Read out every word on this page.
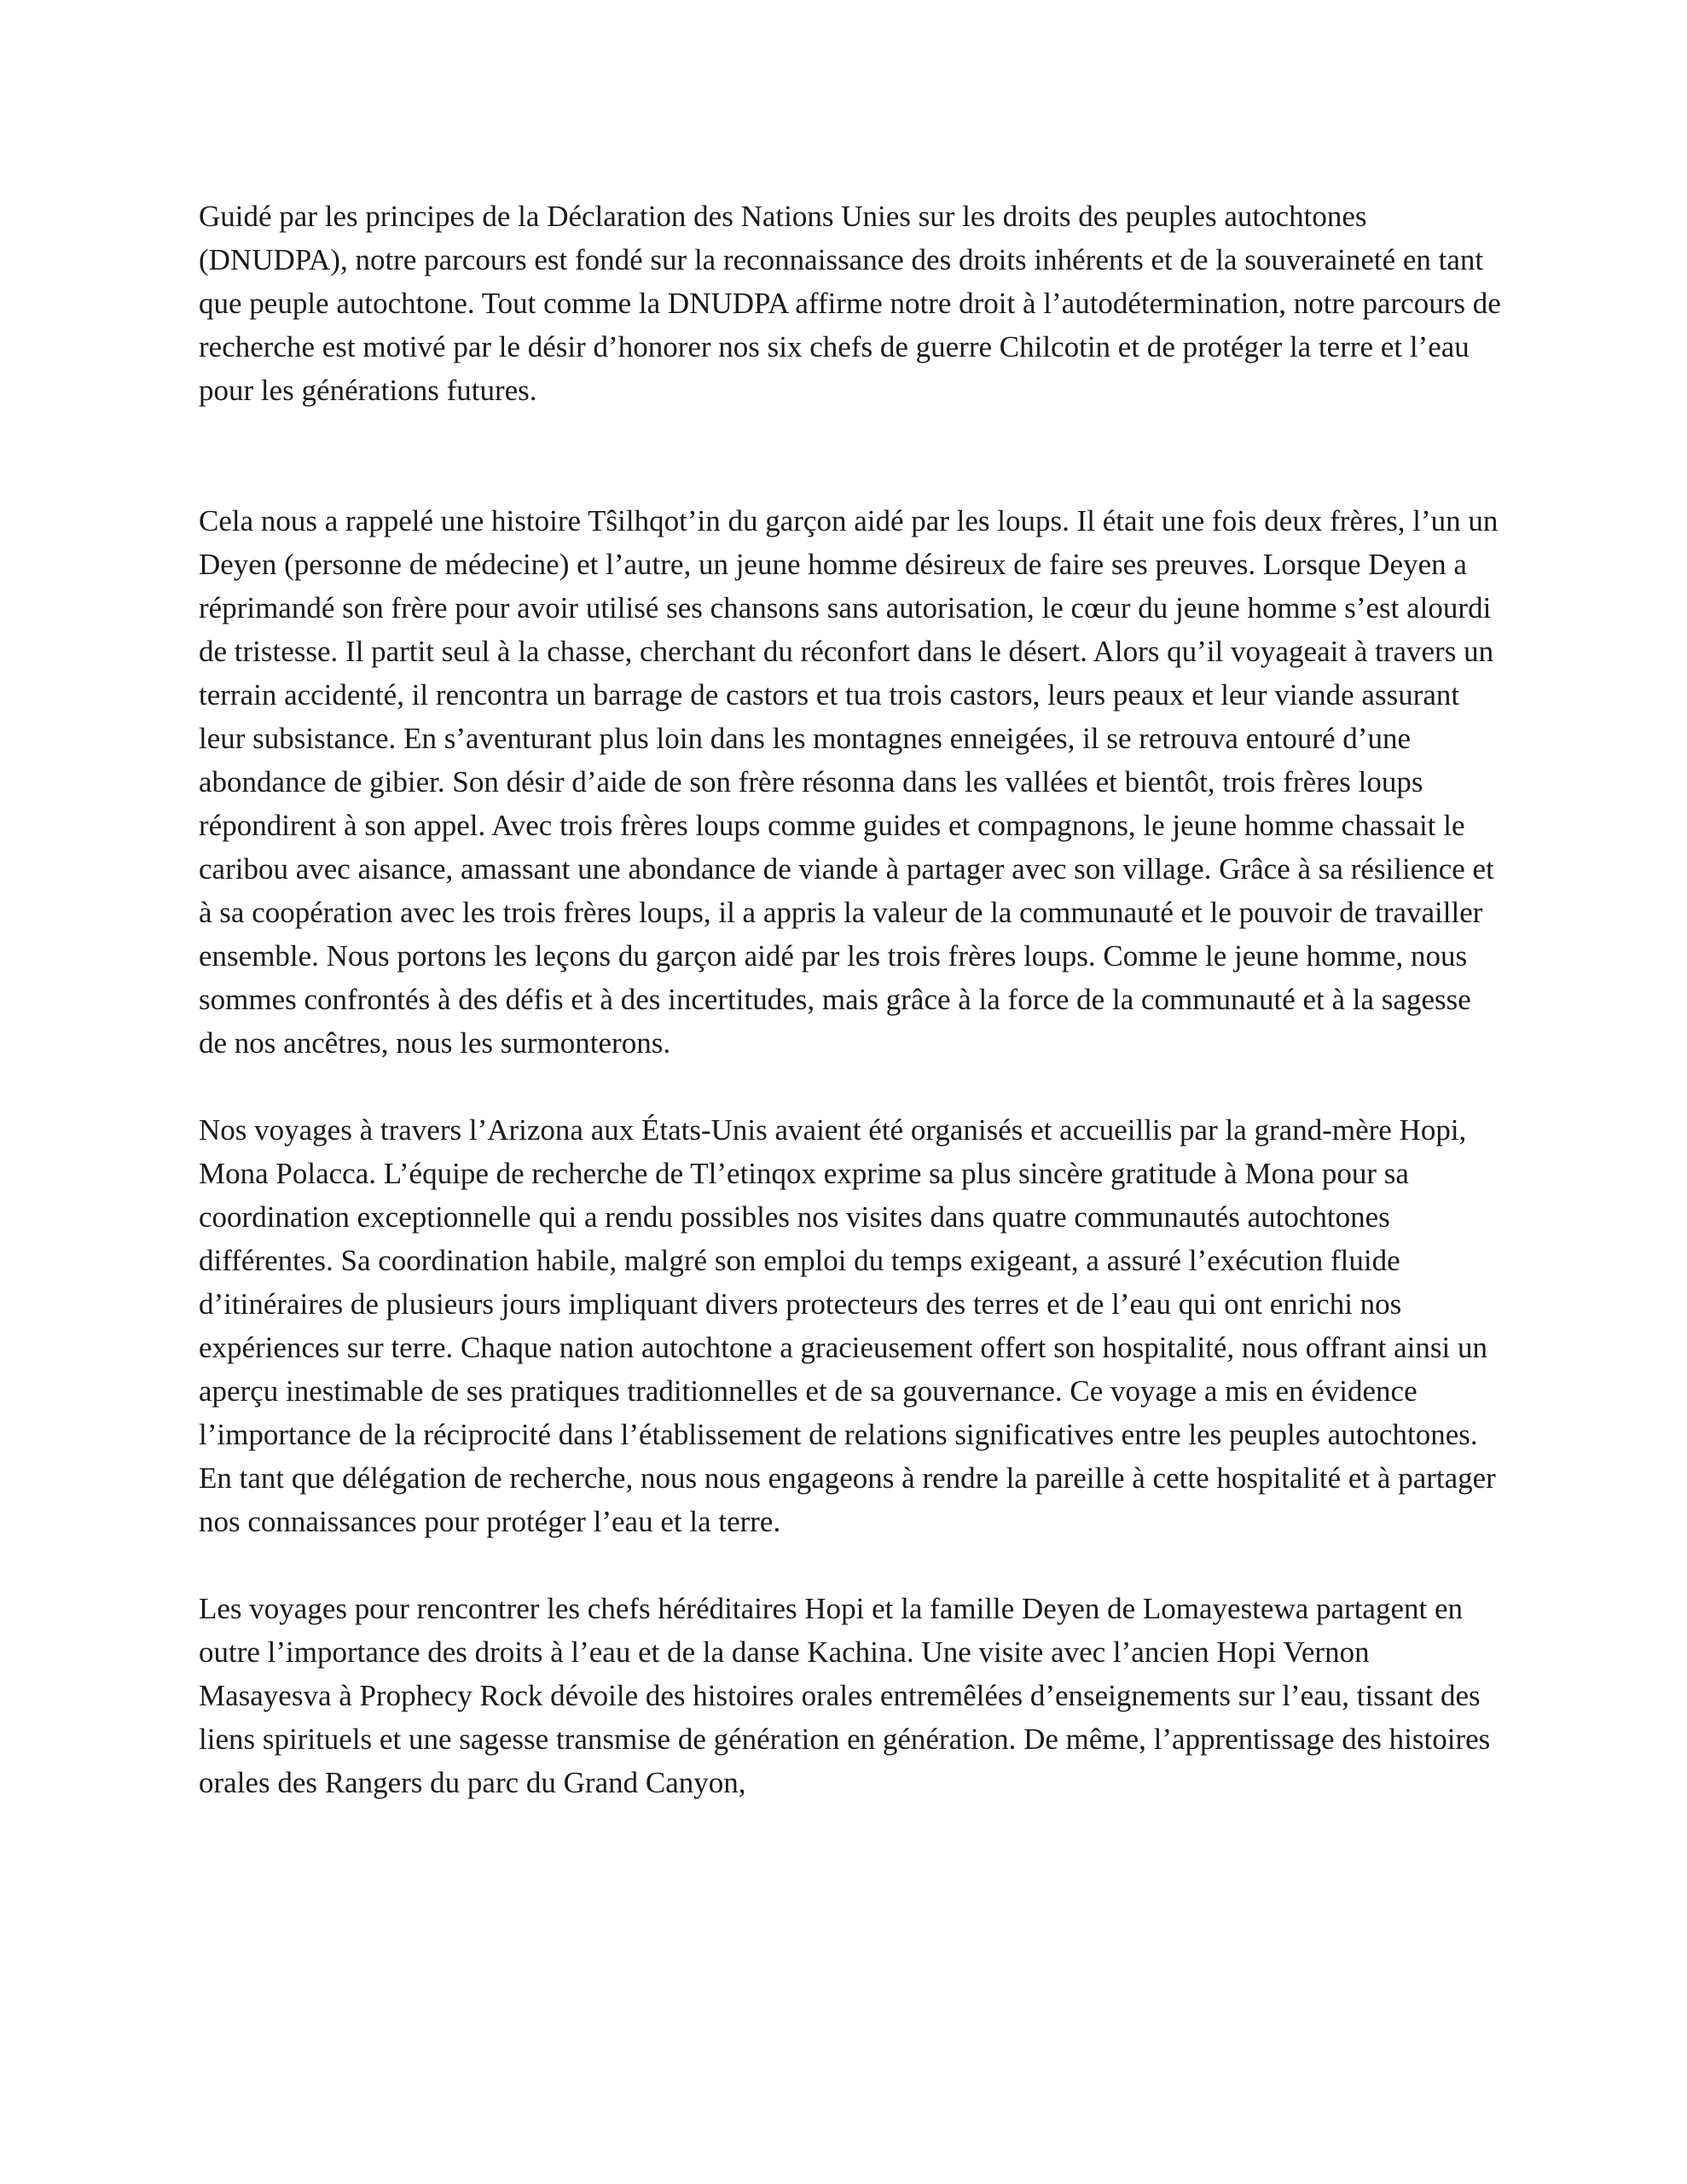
Guidé par les principes de la Déclaration des Nations Unies sur les droits des peuples autochtones (DNUDPA), notre parcours est fondé sur la reconnaissance des droits inhérents et de la souveraineté en tant que peuple autochtone. Tout comme la DNUDPA affirme notre droit à l’autodétermination, notre parcours de recherche est motivé par le désir d’honorer nos six chefs de guerre Chilcotin et de protéger la terre et l’eau pour les générations futures.

Cela nous a rappelé une histoire Tŝilhqot’in du garçon aidé par les loups. Il était une fois deux frères, l’un un Deyen (personne de médecine) et l’autre, un jeune homme désireux de faire ses preuves. Lorsque Deyen a réprimandé son frère pour avoir utilisé ses chansons sans autorisation, le cœur du jeune homme s’est alourdi de tristesse. Il partit seul à la chasse, cherchant du réconfort dans le désert. Alors qu’il voyageait à travers un terrain accidenté, il rencontra un barrage de castors et tua trois castors, leurs peaux et leur viande assurant leur subsistance. En s’aventurant plus loin dans les montagnes enneigées, il se retrouva entouré d’une abondance de gibier. Son désir d’aide de son frère résonna dans les vallées et bientôt, trois frères loups répondirent à son appel. Avec trois frères loups comme guides et compagnons, le jeune homme chassait le caribou avec aisance, amassant une abondance de viande à partager avec son village. Grâce à sa résilience et à sa coopération avec les trois frères loups, il a appris la valeur de la communauté et le pouvoir de travailler ensemble. Nous portons les leçons du garçon aidé par les trois frères loups. Comme le jeune homme, nous sommes confrontés à des défis et à des incertitudes, mais grâce à la force de la communauté et à la sagesse de nos ancêtres, nous les surmonterons.

Nos voyages à travers l’Arizona aux États-Unis avaient été organisés et accueillis par la grand-mère Hopi, Mona Polacca. L’équipe de recherche de Tl’etinqox exprime sa plus sincère gratitude à Mona pour sa coordination exceptionnelle qui a rendu possibles nos visites dans quatre communautés autochtones différentes. Sa coordination habile, malgré son emploi du temps exigeant, a assuré l’exécution fluide d’itinéraires de plusieurs jours impliquant divers protecteurs des terres et de l’eau qui ont enrichi nos expériences sur terre. Chaque nation autochtone a gracieusement offert son hospitalité, nous offrant ainsi un aperçu inestimable de ses pratiques traditionnelles et de sa gouvernance. Ce voyage a mis en évidence l’importance de la réciprocité dans l’établissement de relations significatives entre les peuples autochtones. En tant que délégation de recherche, nous nous engageons à rendre la pareille à cette hospitalité et à partager nos connaissances pour protéger l’eau et la terre.

Les voyages pour rencontrer les chefs héréditaires Hopi et la famille Deyen de Lomayestewa partagent en outre l’importance des droits à l’eau et de la danse Kachina. Une visite avec l’ancien Hopi Vernon Masayesva à Prophecy Rock dévoile des histoires orales entremêlées d’enseignements sur l’eau, tissant des liens spirituels et une sagesse transmise de génération en génération. De même, l’apprentissage des histoires orales des Rangers du parc du Grand Canyon,
